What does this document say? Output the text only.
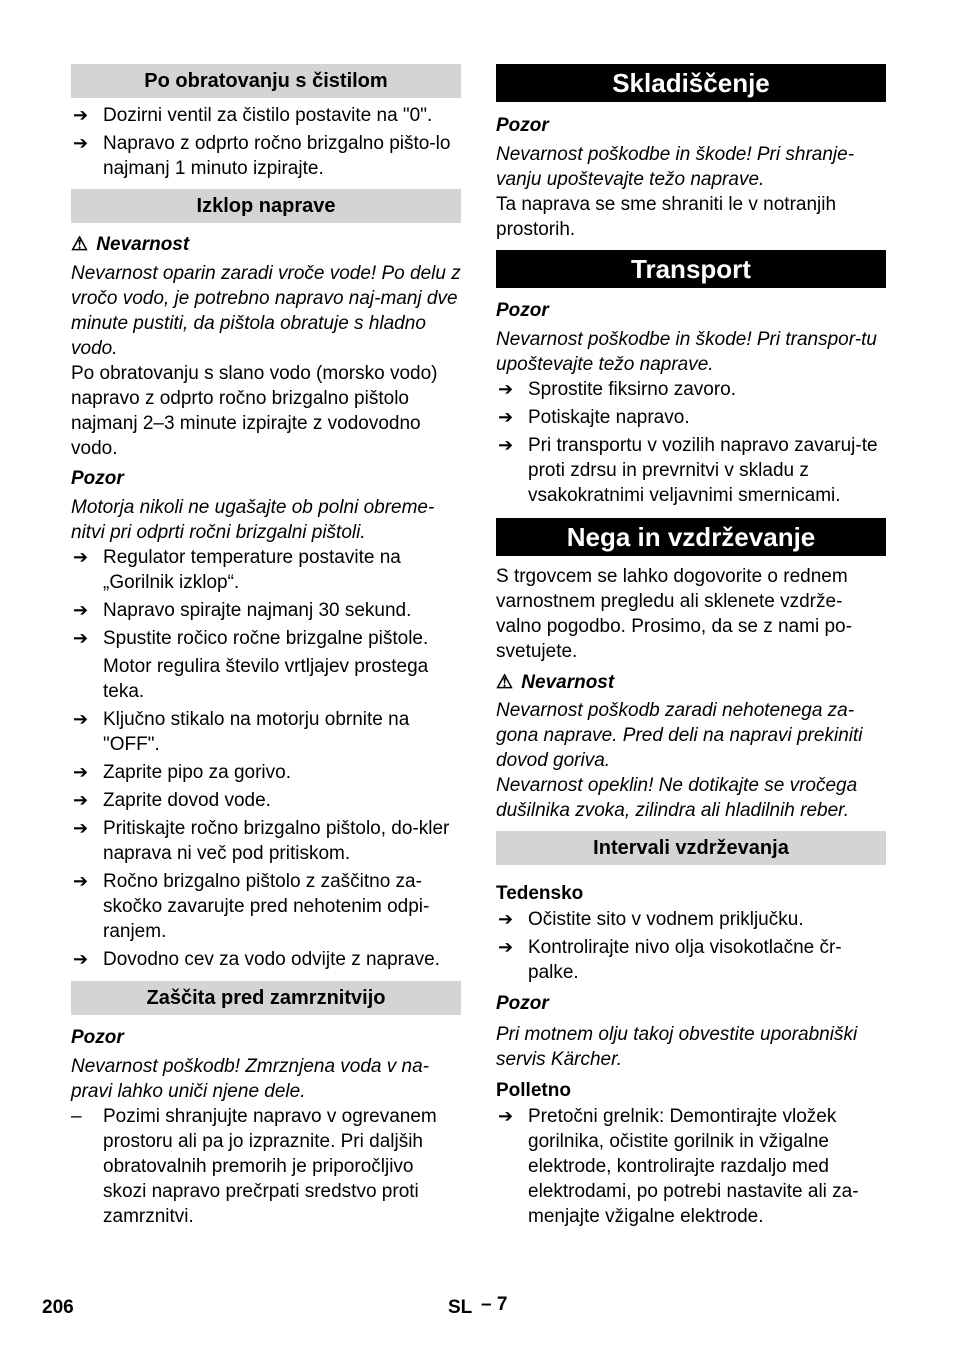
Po obratovanju s čistilom
➔ Dozirni ventil za čistilo postavite na "0".
➔ Napravo z odprto ročno brizgalno pišto-lo najmanj 1 minuto izpirajte.
Izklop naprave
⚠ Nevarnost

Nevarnost oparin zaradi vroče vode! Po delu z vročo vodo, je potrebno napravo naj-manj dve minute pustiti, da pištola obratuje s hladno vodo.

Po obratovanju s slano vodo (morsko vodo) napravo z odprto ročno brizgalno pištolo najmanj 2–3 minute izpirajte z vodovodno vodo.

Pozor

Motorja nikoli ne ugašajte ob polni obreme-nitvi pri odprti ročni brizgalni pištoli.

➔ Regulator temperature postavite na „Gorilnik izklop“.
➔ Napravo spirajte najmanj 30 sekund.
➔ Spustite ročico ročne brizgalne pištole.
Motor regulira število vrtljajev prostega teka.
➔ Ključno stikalo na motorju obrnite na "OFF".
➔ Zaprite pipo za gorivo.
➔ Zaprite dovod vode.
➔ Pritiskajte ročno brizgalno pištolo, do-kler naprava ni več pod pritiskom.
➔ Ročno brizgalno pištolo z zaščitno za-skočko zavarujte pred nehotenim odpi-ranjem.
➔ Dovodno cev za vodo odvijte z naprave.
Zaščita pred zamrznitvijo
Pozor

Nevarnost poškodb! Zmrznjena voda v na-pravi lahko uniči njene dele.

– Pozimi shranjujte napravo v ogrevanem prostoru ali pa jo izpraznite. Pri daljših obratovalnih premorih je priporočljivo skozi napravo prečrpati sredstvo proti zamrznitvi.
Skladiščenje
Pozor

Nevarnost poškodbe in škode! Pri shranje-vanju upoštevajte težo naprave.

Ta naprava se sme shraniti le v notranjih prostorih.

Transport
Pozor

Nevarnost poškodbe in škode! Pri transpor-tu upoštevajte težo naprave.

➔ Sprostite fiksirno zavoro.
➔ Potiskajte napravo.
➔ Pri transportu v vozilih napravo zavaruj-te proti zdrsu in prevrnitvi v skladu z vsakokratnimi veljavnimi smernicami.
Nega in vzdrževanje

S trgovcem se lahko dogovorite o rednem varnostnem pregledu ali sklenete vzdrže-valno pogodbo. Prosimo, da se z nami po-svetujete.

⚠ Nevarnost

Nevarnost poškodb zaradi nehotenega za-gona naprave. Pred deli na napravi prekiniti dovod goriva.

Nevarnost opeklin! Ne dotikajte se vročega dušilnika zvoka, zilindra ali hladilnih reber.

Intervali vzdrževanja
Tedensko
➔ Očistite sito v vodnem priključku.
➔ Kontrolirajte nivo olja visokotlačne čr-palke.
Pozor

Pri motnem olju takoj obvestite uporabniški servis Kärcher.

Polletno
➔ Pretočni grelnik: Demontirajte vložek gorilnika, očistite gorilnik in vžigalne elektrode, kontrolirajte razdaljo med elektrodami, po potrebi nastavite ali za-menjajte vžigalne elektrode.
206	SL – 7
